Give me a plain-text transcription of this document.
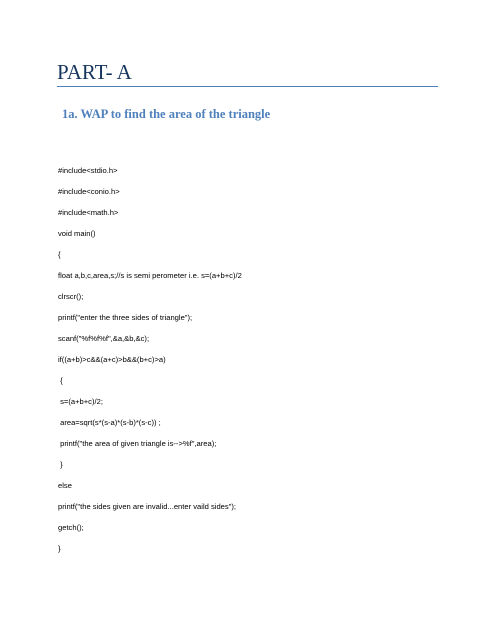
PART- A
1a. WAP to find the area of the triangle
#include<stdio.h>
#include<conio.h>
#include<math.h>
void main()
{
float a,b,c,area,s;//s is semi perometer i.e. s=(a+b+c)/2
clrscr();
printf("enter the three sides of triangle");
scanf("%f%f%f",&a,&b,&c);
if((a+b)>c&&(a+c)>b&&(b+c)>a)
{
s=(a+b+c)/2;
area=sqrt(s*(s-a)*(s-b)*(s-c)) ;
printf("the area of given triangle is-->%f",area);
}
else
printf("the sides given are invalid...enter vaild sides");
getch();
}
